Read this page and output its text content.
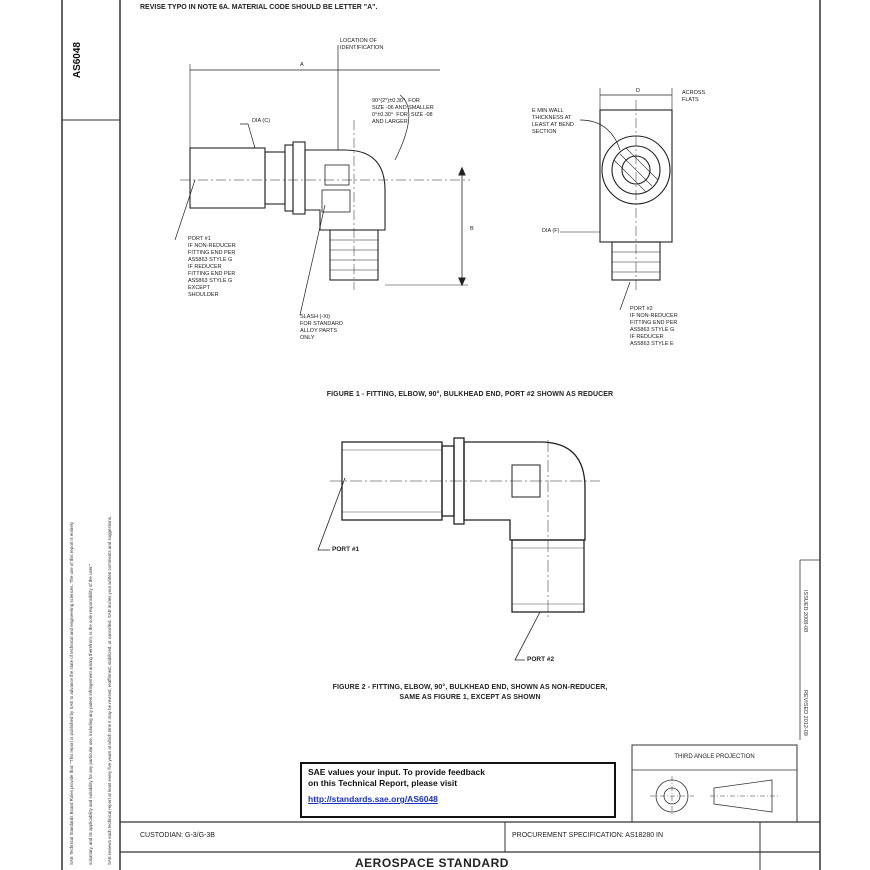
AS6048
SAE Technical Standards Board Rules provide that: "This report is published by SAE to advance the state of technical and engineering sciences. The use of this report is entirely	voluntary, and its applicability and suitability for any particular use, including any patent infringement arising therefrom, is the sole responsibility of the user."	SAE reviews each technical report at least every five years at which time it may be revised, reaffirmed, stabilized, or cancelled. SAE invites your written comments and suggestions.	ISSUED 2008-08
REVISED 2012-09
REVISE TYPO IN NOTE 6A. MATERIAL CODE SHOULD BE LETTER "A".
LOCATION OF
IDENTIFICATION
A
DIA (C)
90°(2°)±0.30°  FOR
SIZE -06 AND SMALLER
0°±0.30°  FOR  SIZE -08
AND LARGER
B
PORT #1
IF NON-REDUCER
FITTING END PER
AS5863 STYLE G
IF REDUCER
FITTING END PER
AS5863 STYLE G
EXCEPT
SHOULDER
SLASH (-Xl)
FOR STANDARD
ALLOY PARTS
ONLY
E MIN WALL
THICKNESS AT
LEAST AT BEND
SECTION
D	ACROSS
FLATS
DIA (F)
PORT #2
IF NON-REDUCER
FITTING END PER
AS5863 STYLE G
IF REDUCER
AS5863 STYLE E
FIGURE 1 - FITTING, ELBOW, 90°, BULKHEAD END, PORT #2 SHOWN AS REDUCER
PORT #1
PORT #2
FIGURE 2 - FITTING, ELBOW, 90°, BULKHEAD END, SHOWN AS NON-REDUCER,
SAME AS FIGURE 1, EXCEPT AS SHOWN
SAE values your input. To provide feedback
on this Technical Report, please visit
http://standards.sae.org/AS6048
THIRD ANGLE PROJECTION
CUSTODIAN: G-3/G-3B	PROCUREMENT SPECIFICATION: AS18280 IN
AEROSPACE STANDARD
